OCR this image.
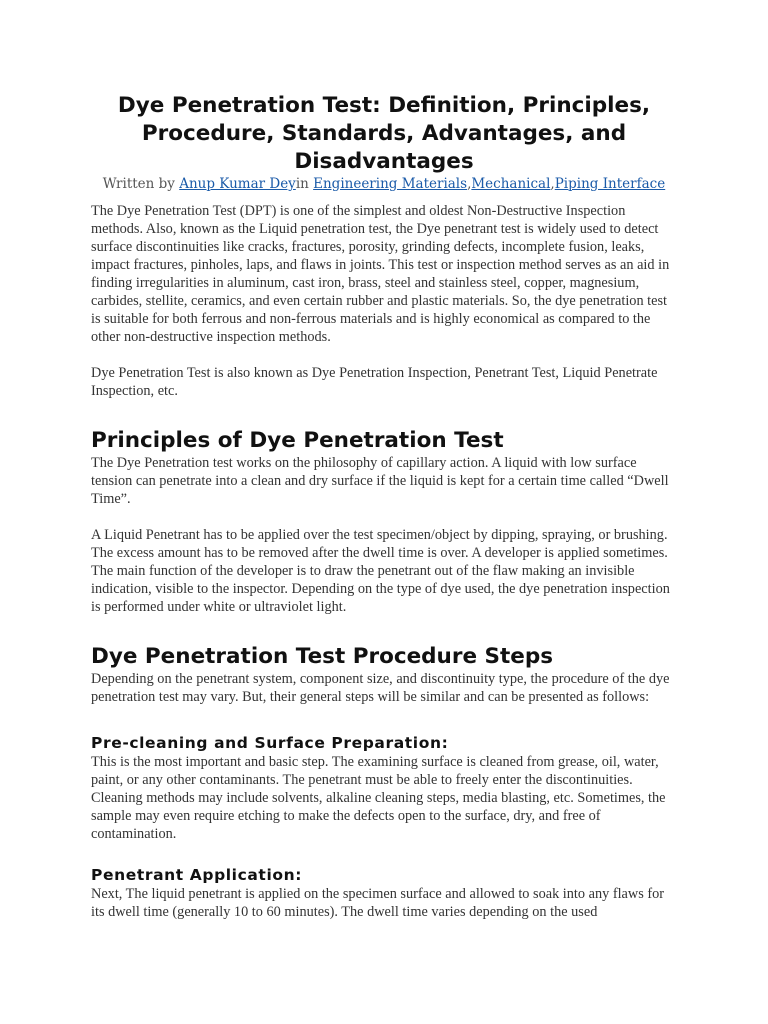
Dye Penetration Test: Definition, Principles, Procedure, Standards, Advantages, and Disadvantages
Written by Anup Kumar Deyin Engineering Materials,Mechanical,Piping Interface

The Dye Penetration Test (DPT) is one of the simplest and oldest Non-Destructive Inspection methods. Also, known as the Liquid penetration test, the Dye penetrant test is widely used to detect surface discontinuities like cracks, fractures, porosity, grinding defects, incomplete fusion, leaks, impact fractures, pinholes, laps, and flaws in joints. This test or inspection method serves as an aid in finding irregularities in aluminum, cast iron, brass, steel and stainless steel, copper, magnesium, carbides, stellite, ceramics, and even certain rubber and plastic materials. So, the dye penetration test is suitable for both ferrous and non-ferrous materials and is highly economical as compared to the other non-destructive inspection methods.

Dye Penetration Test is also known as Dye Penetration Inspection, Penetrant Test, Liquid Penetrate Inspection, etc.

Principles of Dye Penetration Test

The Dye Penetration test works on the philosophy of capillary action. A liquid with low surface tension can penetrate into a clean and dry surface if the liquid is kept for a certain time called “Dwell Time”.

A Liquid Penetrant has to be applied over the test specimen/object by dipping, spraying, or brushing. The excess amount has to be removed after the dwell time is over. A developer is applied sometimes. The main function of the developer is to draw the penetrant out of the flaw making an invisible indication, visible to the inspector. Depending on the type of dye used, the dye penetration inspection is performed under white or ultraviolet light.

Dye Penetration Test Procedure Steps

Depending on the penetrant system, component size, and discontinuity type, the procedure of the dye penetration test may vary. But, their general steps will be similar and can be presented as follows:

Pre-cleaning and Surface Preparation:

This is the most important and basic step. The examining surface is cleaned from grease, oil, water, paint, or any other contaminants. The penetrant must be able to freely enter the discontinuities. Cleaning methods may include solvents, alkaline cleaning steps, media blasting, etc. Sometimes, the sample may even require etching to make the defects open to the surface, dry, and free of contamination.

Penetrant Application:

Next, The liquid penetrant is applied on the specimen surface and allowed to soak into any flaws for its dwell time (generally 10 to 60 minutes). The dwell time varies depending on the used
